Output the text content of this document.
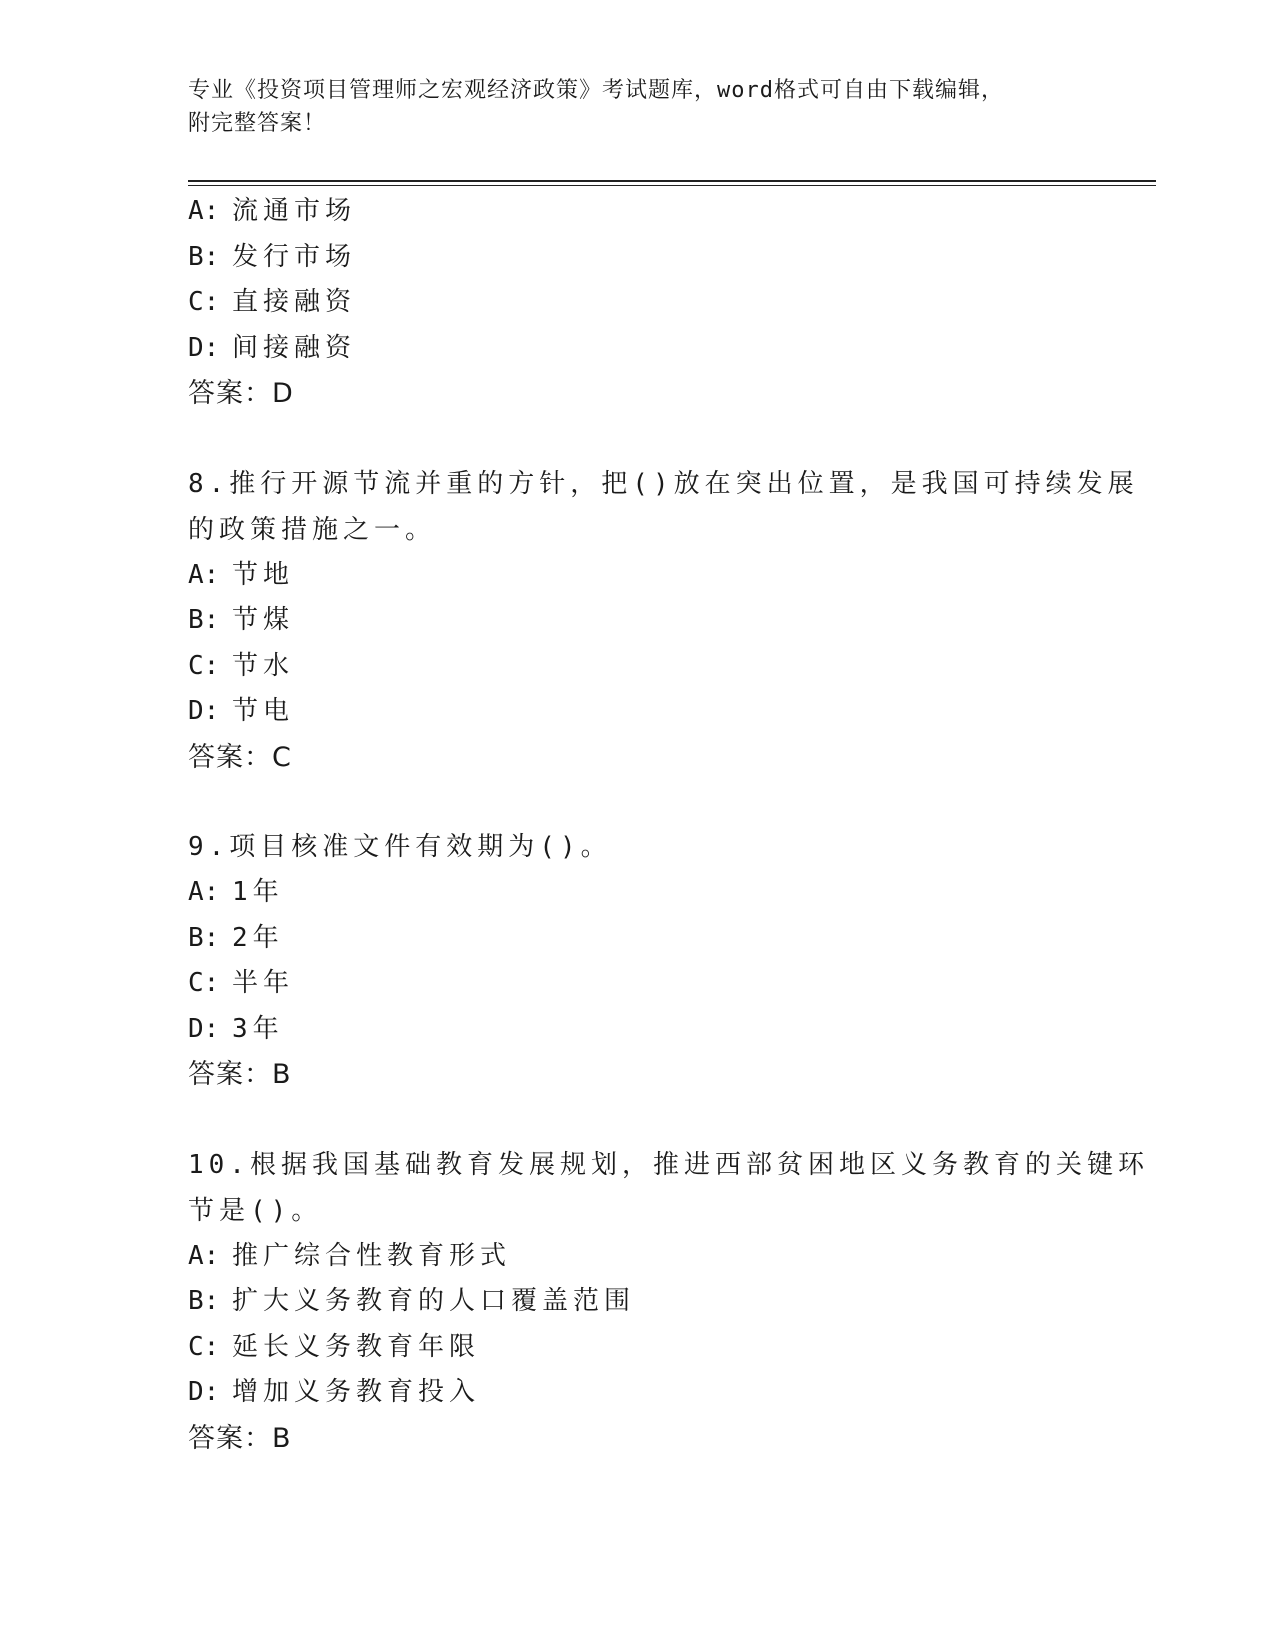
专业《投资项目管理师之宏观经济政策》考试题库，word格式可自由下载编辑，
附完整答案！
A: 流通市场
B: 发行市场
C: 直接融资
D: 间接融资
答案：D
8.推行开源节流并重的方针，把()放在突出位置，是我国可持续发展
的政策措施之一。
A: 节地
B: 节煤
C: 节水
D: 节电
答案：C
9.项目核准文件有效期为()。
A: 1年
B: 2年
C: 半年
D: 3年
答案：B
10.根据我国基础教育发展规划，推进西部贫困地区义务教育的关键环
节是()。
A: 推广综合性教育形式
B: 扩大义务教育的人口覆盖范围
C: 延长义务教育年限
D: 增加义务教育投入
答案：B
